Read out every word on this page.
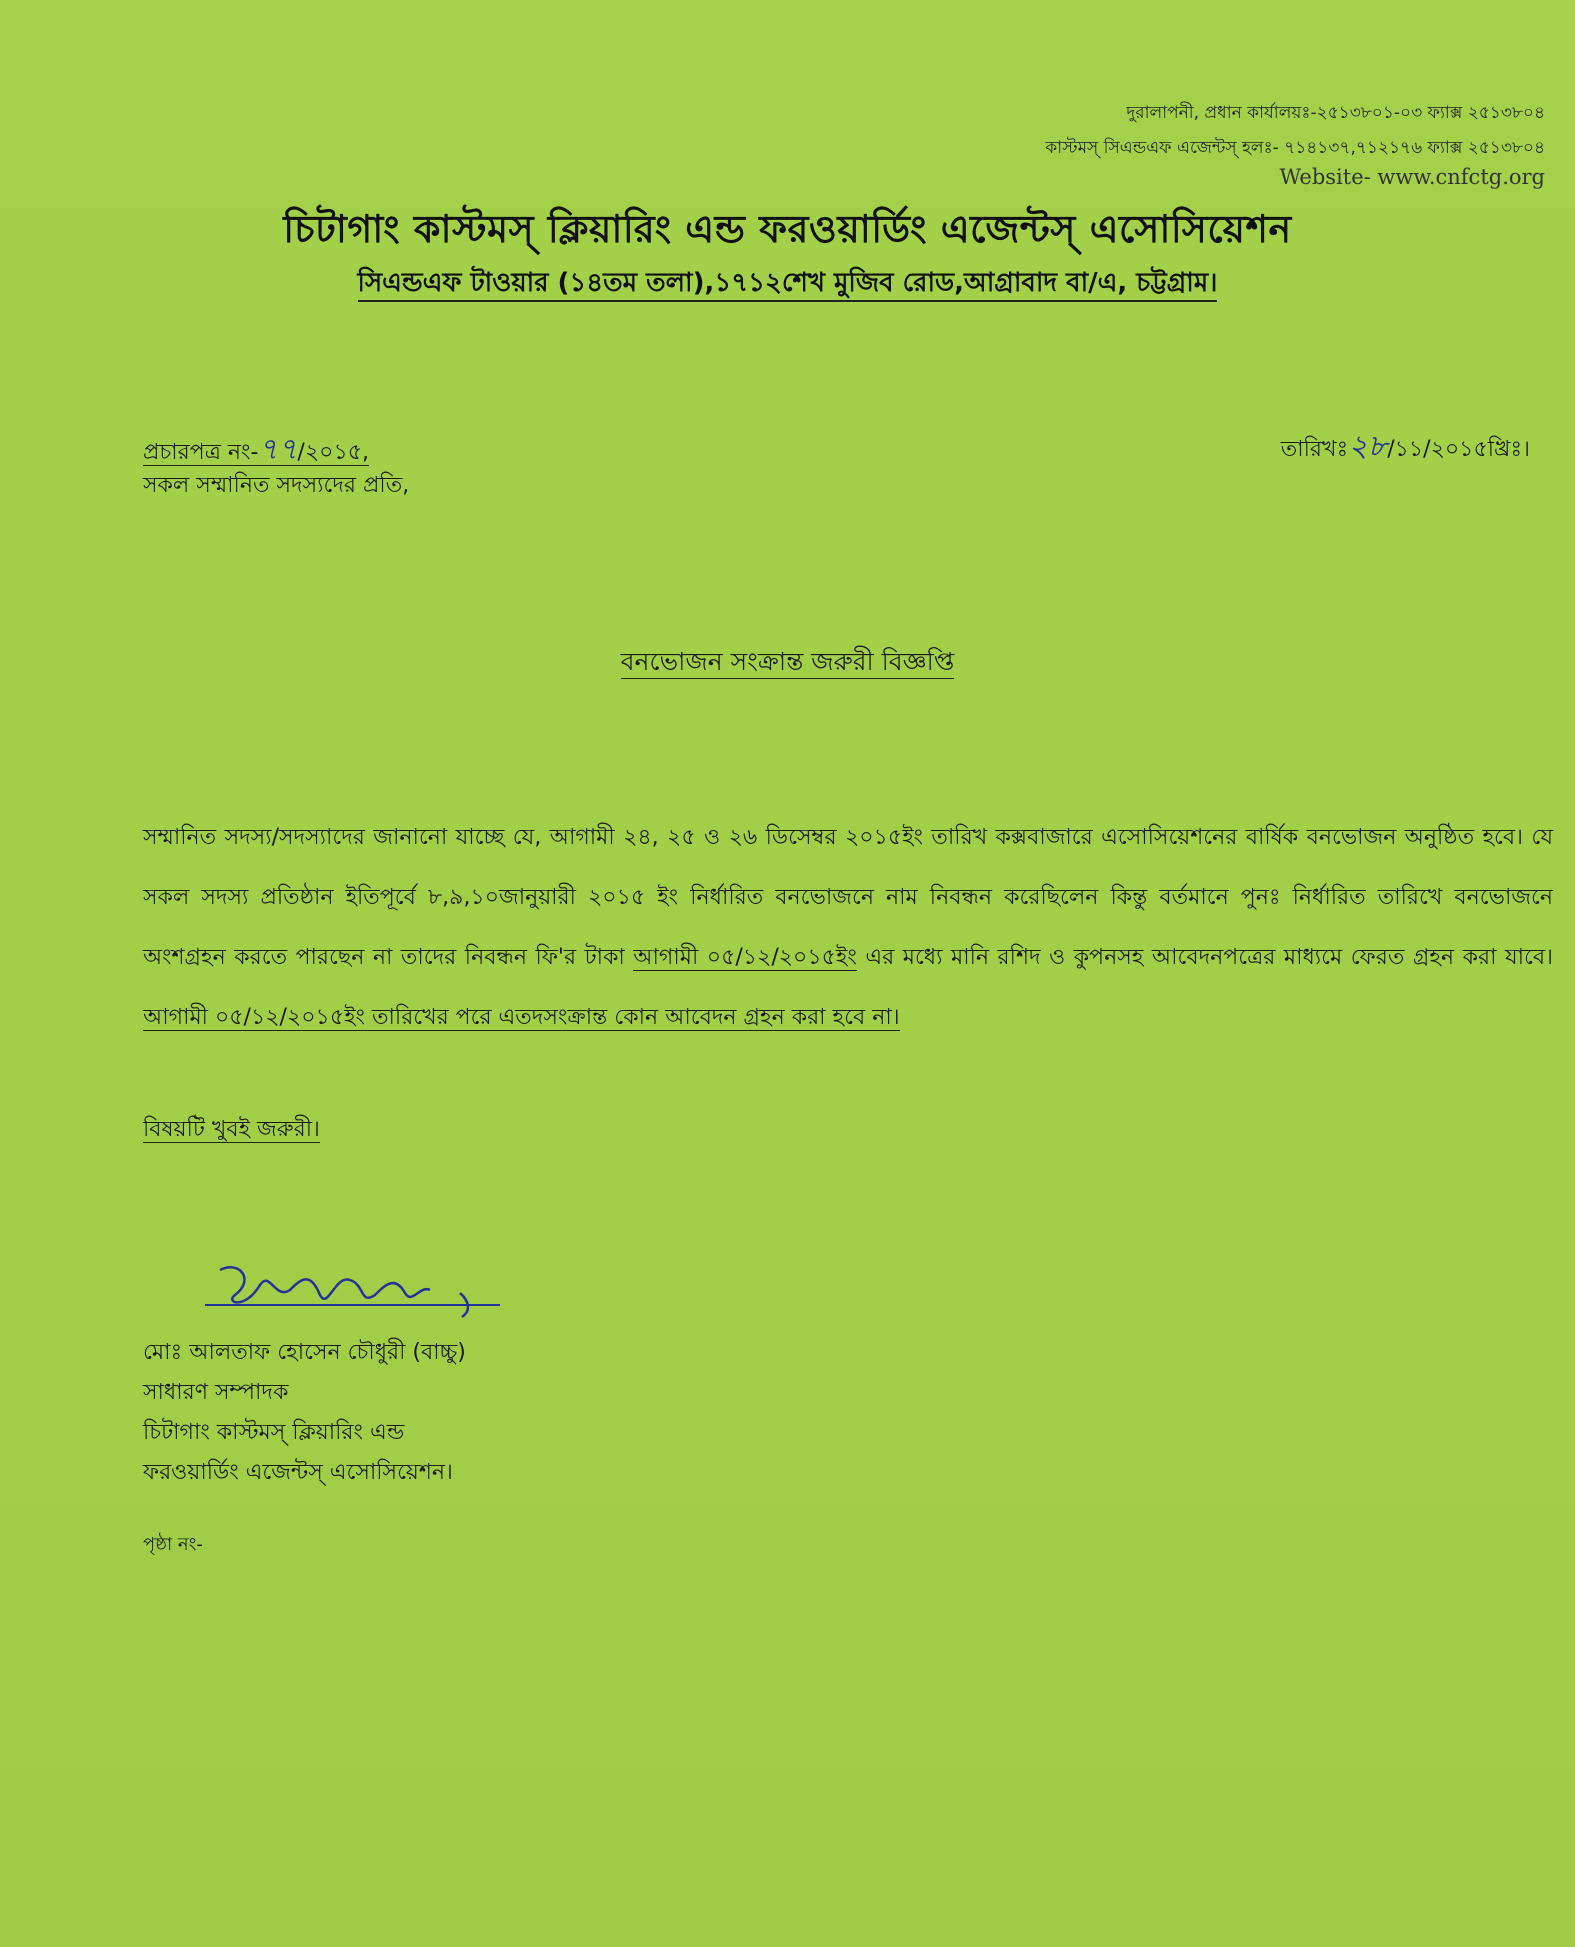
দুরালাপনী, প্রধান কার্যালয়ঃ-২৫১৩৮০১-০৩ ফ্যাক্স ২৫১৩৮০৪
কাস্টমস্ সিএন্ডএফ এজেন্টস্ হলঃ- ৭১৪১৩৭,৭১২১৭৬ ফ্যাক্স ২৫১৩৮০৪
Website- www.cnfctg.org
চিটাগাং কাস্টমস্ ক্লিয়ারিং এন্ড ফরওয়ার্ডিং এজেন্টস্ এসোসিয়েশন
সিএন্ডএফ টাওয়ার (১৪তম তলা),১৭১২শেখ মুজিব রোড,আগ্রাবাদ বা/এ, চট্টগ্রাম।
প্রচারপত্র নং-৭৭/২০১৫,	তারিখঃ২৮/১১/২০১৫খ্রিঃ।
সকল সম্মানিত সদস্যদের প্রতি,
বনভোজন সংক্রান্ত জরুরী বিজ্ঞপ্তি
সম্মানিত সদস্য/সদস্যাদের জানানো যাচ্ছে যে, আগামী ২৪, ২৫ ও ২৬ ডিসেম্বর ২০১৫ইং তারিখ কক্সবাজারে এসোসিয়েশনের বার্ষিক বনভোজন অনুষ্ঠিত হবে। যে সকল সদস্য প্রতিষ্ঠান ইতিপূর্বে ৮,৯,১০জানুয়ারী ২০১৫ ইং নির্ধারিত বনভোজনে নাম নিবন্ধন করেছিলেন কিন্তু বর্তমানে পুনঃ নির্ধারিত তারিখে বনভোজনে অংশগ্রহন করতে পারছেন না তাদের নিবন্ধন ফি'র টাকা আগামী ০৫/১২/২০১৫ইং এর মধ্যে মানি রশিদ ও কুপনসহ আবেদনপত্রের মাধ্যমে ফেরত গ্রহন করা যাবে। আগামী ০৫/১২/২০১৫ইং তারিখের পরে এতদসংক্রান্ত কোন আবেদন গ্রহন করা হবে না।
বিষয়টি খুবই জরুরী।
মোঃ আলতাফ হোসেন চৌধুরী (বাচ্চু)
সাধারণ সম্পাদক
চিটাগাং কাস্টমস্ ক্লিয়ারিং এন্ড
ফরওয়ার্ডিং এজেন্টস্ এসোসিয়েশন।
পৃষ্ঠা নং-
